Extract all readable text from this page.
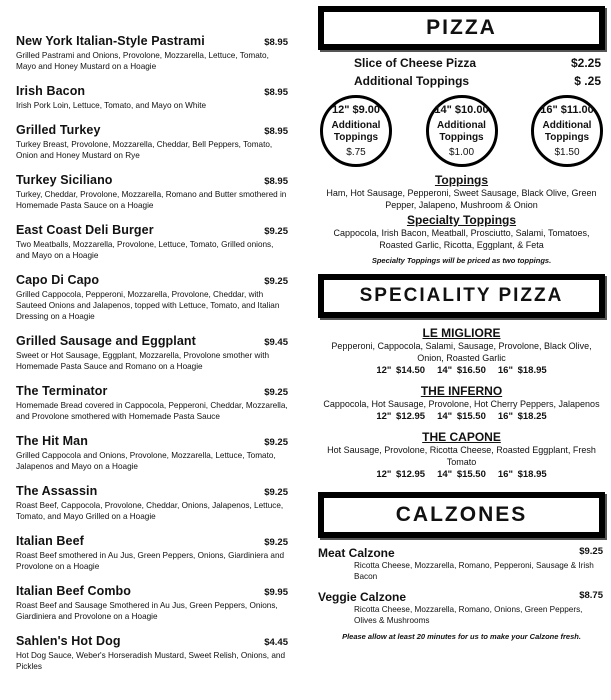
New York Italian-Style Pastrami	$8.95
Grilled Pastrami and Onions, Provolone, Mozzarella, Lettuce, Tomato, Mayo and Honey Mustard on a Hoagie
Irish Bacon	$8.95
Irish Pork Loin, Lettuce, Tomato, and Mayo on White
Grilled Turkey	$8.95
Turkey Breast, Provolone, Mozzarella, Cheddar, Bell Peppers, Tomato, Onion and Honey Mustard on Rye
Turkey Siciliano	$8.95
Turkey, Cheddar, Provolone, Mozzarella, Romano and Butter smothered in Homemade Pasta Sauce on a Hoagie
East Coast Deli Burger	$9.25
Two Meatballs, Mozzarella, Provolone, Lettuce, Tomato, Grilled onions, and Mayo on a Hoagie
Capo Di Capo	$9.25
Grilled Cappocola, Pepperoni, Mozzarella, Provolone, Cheddar, with Sauteed Onions and Jalapenos, topped with Lettuce, Tomato, and Italian Dressing on a Hoagie
Grilled Sausage and Eggplant	$9.45
Sweet or Hot Sausage, Eggplant, Mozzarella, Provolone smother with Homemade Pasta Sauce and Romano on a Hoagie
The Terminator	$9.25
Homemade Bread covered in Cappocola, Pepperoni, Cheddar, Mozzarella, and Provolone smothered with Homemade Pasta Sauce
The Hit Man	$9.25
Grilled Cappocola and Onions, Provolone, Mozzarella, Lettuce, Tomato, Jalapenos and Mayo on a Hoagie
The Assassin	$9.25
Roast Beef, Cappocola, Provolone, Cheddar, Onions, Jalapenos, Lettuce, Tomato, and Mayo Grilled on a Hoagie
Italian Beef	$9.25
Roast Beef smothered in Au Jus, Green Peppers, Onions, Giardiniera and Provolone on a Hoagie
Italian Beef Combo	$9.95
Roast Beef and Sausage Smothered in Au Jus, Green Peppers, Onions, Giardiniera and Provolone on a Hoagie
Sahlen's Hot Dog	$4.45
Hot Dog Sauce, Weber's Horseradish Mustard, Sweet Relish, Onions, and Pickles
PIZZA
Slice of Cheese Pizza	$2.25
Additional Toppings	$ .25
12" $9.00
Additional
Toppings
$.75
14" $10.00
Additional
Toppings
$1.00
16" $11.00
Additional
Toppings
$1.50
Toppings
Ham, Hot Sausage, Pepperoni, Sweet Sausage, Black Olive, Green Pepper, Jalapeno, Mushroom & Onion
Specialty Toppings
Cappocola, Irish Bacon, Meatball, Prosciutto, Salami, Tomatoes, Roasted Garlic, Ricotta, Eggplant, & Feta
Specialty Toppings will be priced as two toppings.
SPECIALITY PIZZA
LE MIGLIORE
Pepperoni, Cappocola, Salami, Sausage, Provolone, Black Olive, Onion, Roasted Garlic
12" $14.50 14" $16.50 16" $18.95
THE INFERNO
Cappocola, Hot Sausage, Provolone, Hot Cherry Peppers, Jalapenos
12" $12.95 14" $15.50 16" $18.25
THE CAPONE
Hot Sausage, Provolone, Ricotta Cheese, Roasted Eggplant, Fresh Tomato
12" $12.95 14" $15.50 16" $18.95
CALZONES
Meat Calzone	$9.25
Ricotta Cheese, Mozzarella, Romano, Pepperoni, Sausage & Irish Bacon
Veggie Calzone	$8.75
Ricotta Cheese, Mozzarella, Romano, Onions, Green Peppers, Olives & Mushrooms
Please allow at least 20 minutes for us to make your Calzone fresh.
